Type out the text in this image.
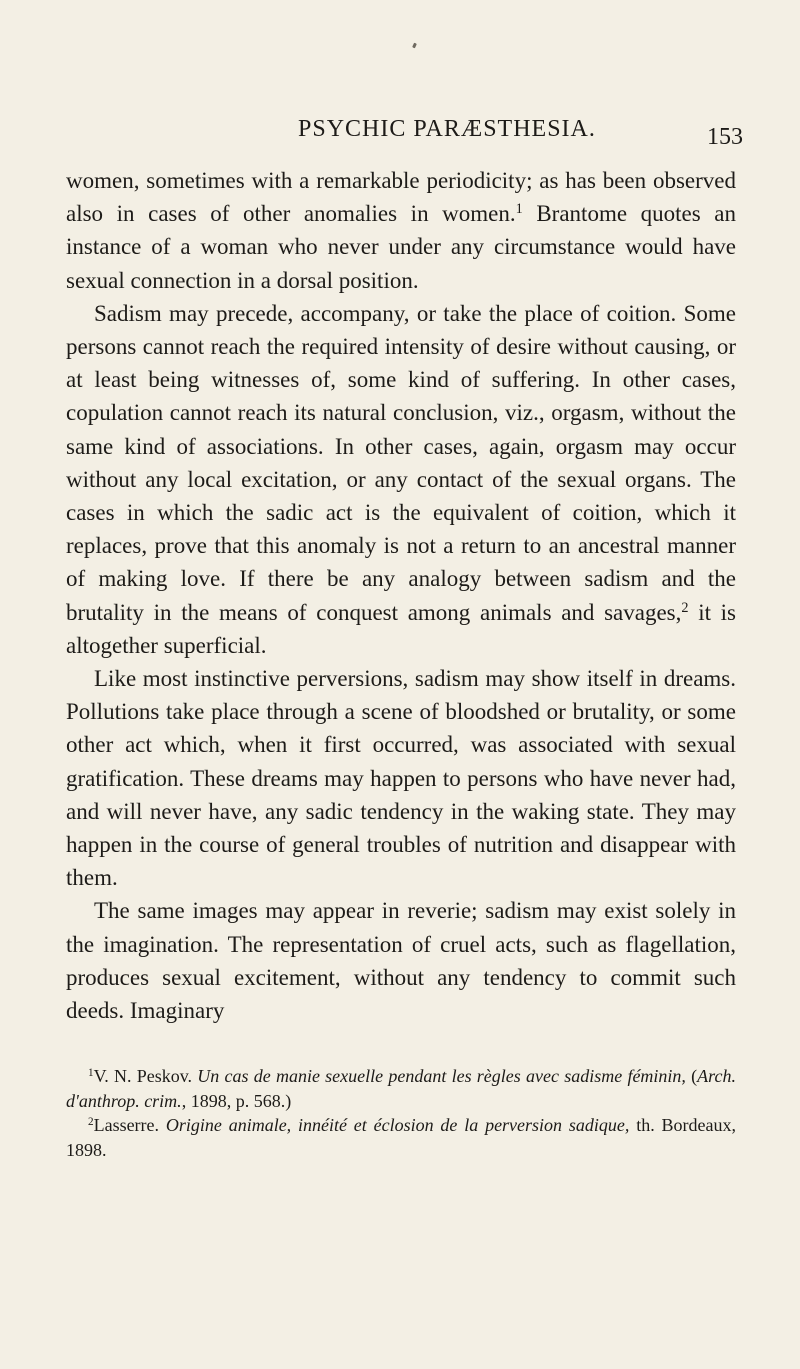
PSYCHIC PARÆSTHESIA.	153

women, sometimes with a remarkable periodicity; as has been observed also in cases of other anomalies in women.$^1$ Brantome quotes an instance of a woman who never under any circumstance would have sexual connection in a dorsal position.

Sadism may precede, accompany, or take the place of coition. Some persons cannot reach the required intensity of desire without causing, or at least being witnesses of, some kind of suffering. In other cases, copulation cannot reach its natural conclusion, viz., orgasm, without the same kind of associations. In other cases, again, orgasm may occur without any local excitation, or any contact of the sexual organs. The cases in which the sadic act is the equivalent of coition, which it replaces, prove that this anomaly is not a return to an ancestral manner of making love. If there be any analogy between sadism and the brutality in the means of conquest among animals and savages,$^2$ it is altogether superficial.

Like most instinctive perversions, sadism may show itself in dreams. Pollutions take place through a scene of bloodshed or brutality, or some other act which, when it first occurred, was associated with sexual gratification. These dreams may happen to persons who have never had, and will never have, any sadic tendency in the waking state. They may happen in the course of general troubles of nutrition and disappear with them.

The same images may appear in reverie; sadism may exist solely in the imagination. The representation of cruel acts, such as flagellation, produces sexual excitement, without any tendency to commit such deeds. Imaginary

$^1$V. N. Peskov. Un cas de manie sexuelle pendant les règles avec sadisme féminin, (Arch. d'anthrop. crim., 1898, p. 568.)

$^2$Lasserre. Origine animale, innéité et éclosion de la perversion sadique, th. Bordeaux, 1898.
